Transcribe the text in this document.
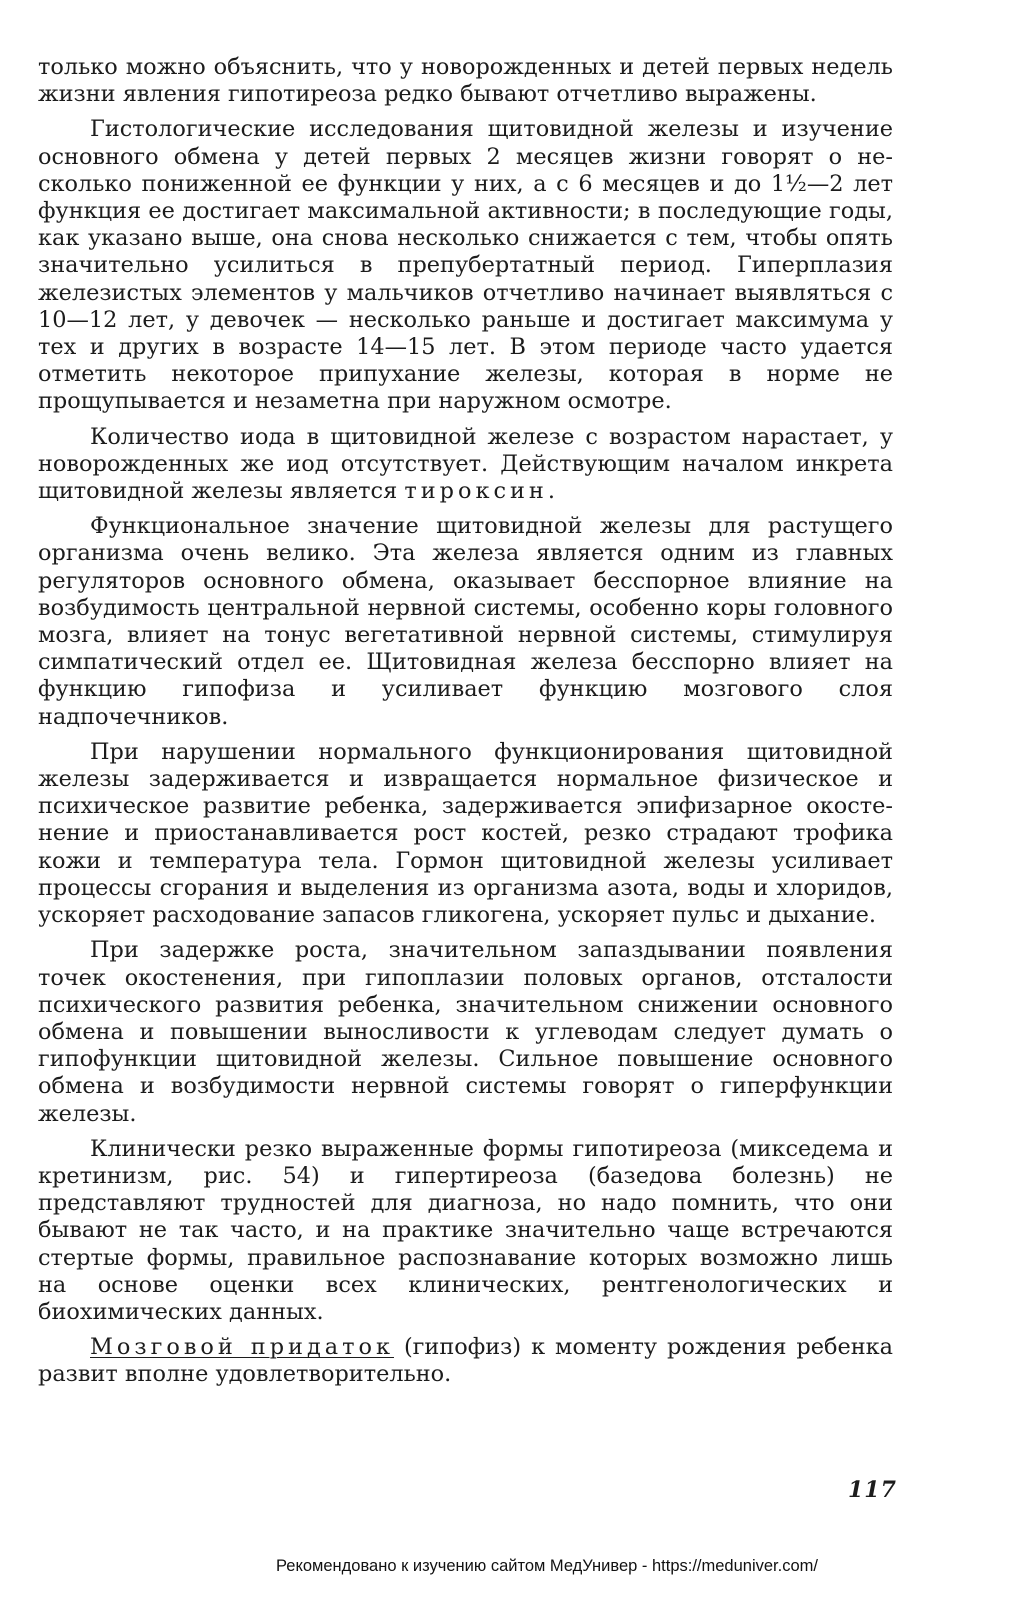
только можно объяснить, что у новорожденных и детей первых недель жизни явления гипотиреоза редко бывают отчетливо выражены.

Гистологические исследования щитовидной железы и изучение основного обмена у детей первых 2 месяцев жизни говорят о несколько пониженной ее функции у них, а с 6 месяцев и до 1½—2 лет функция ее достигает максимальной активности; в последующие годы, как указано выше, она снова несколько снижается с тем, чтобы опять значительно усилиться в препубертатный период. Гиперплазия железистых элементов у мальчиков отчетливо начинает выявляться с 10—12 лет, у девочек — несколько раньше и достигает максимума у тех и других в возрасте 14—15 лет. В этом периоде часто удается отметить некоторое припухание железы, которая в норме не прощупывается и незаметна при наружном осмотре.

Количество иода в щитовидной железе с возрастом нарастает, у новорожденных же иод отсутствует. Действующим началом инкрета щитовидной железы является тироксин.

Функциональное значение щитовидной железы для растущего организма очень велико. Эта железа является одним из главных регуляторов основного обмена, оказывает бесспорное влияние на возбудимость центральной нервной системы, особенно коры головного мозга, влияет на тонус вегетативной нервной системы, стимулируя симпатический отдел ее. Щитовидная железа бесспорно влияет на функцию гипофиза и усиливает функцию мозгового слоя надпочечников.

При нарушении нормального функционирования щитовидной железы задерживается и извращается нормальное физическое и психическое развитие ребенка, задерживается эпифизарное окостенение и приостанавливается рост костей, резко страдают трофика кожи и температура тела. Гормон щитовидной железы усиливает процессы сгорания и выделения из организма азота, воды и хлоридов, ускоряет расходование запасов гликогена, ускоряет пульс и дыхание.

При задержке роста, значительном запаздывании появления точек окостенения, при гипоплазии половых органов, отсталости психического развития ребенка, значительном снижении основного обмена и повышении выносливости к углеводам следует думать о гипофункции щитовидной железы. Сильное повышение основного обмена и возбудимости нервной системы говорят о гиперфункции железы.

Клинически резко выраженные формы гипотиреоза (микседема и кретинизм, рис. 54) и гипертиреоза (базедова болезнь) не представляют трудностей для диагноза, но надо помнить, что они бывают не так часто, и на практике значительно чаще встречаются стертые формы, правильное распознавание которых возможно лишь на основе оценки всех клинических, рентгенологических и биохимических данных.

Мозговой придаток (гипофиз) к моменту рождения ребенка развит вполне удовлетворительно.

117
Рекомендовано к изучению сайтом МедУнивер - https://meduniver.com/
